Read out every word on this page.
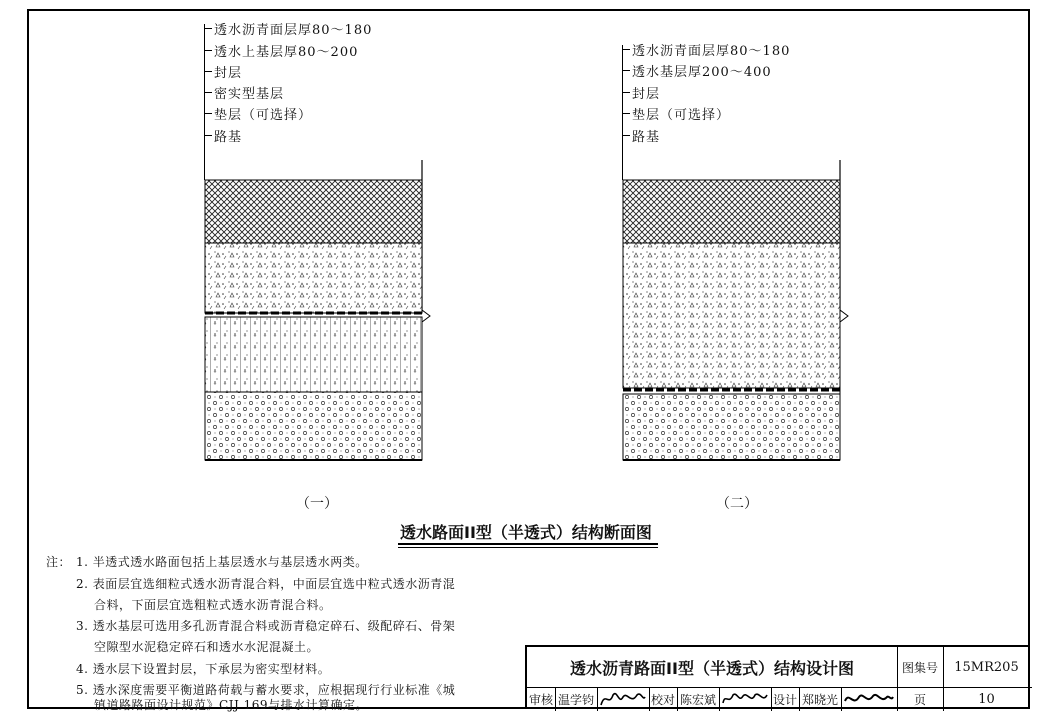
透水沥青面层厚80～180
透水上基层厚80～200
封层
密实型基层
垫层（可选择）
路基
（一）
透水沥青面层厚80～180
透水基层厚200～400
封层
垫层（可选择）
路基
（二）
透水路面II型（半透式）结构断面图
注： 1. 半透式透水路面包括上基层透水与基层透水两类。
2. 表面层宜选细粒式透水沥青混合料，中面层宜选中粒式透水沥青混
合料，下面层宜选粗粒式透水沥青混合料。
3. 透水基层可选用多孔沥青混合料或沥青稳定碎石、级配碎石、骨架
空隙型水泥稳定碎石和透水水泥混凝土。
4. 透水层下设置封层，下承层为密实型材料。
5. 透水深度需要平衡道路荷载与蓄水要求，应根据现行行业标准《城
镇道路路面设计规范》CJJ 169与排水计算确定。
透水沥青路面II型（半透式）结构设计图	图集号	15MR205
审核 温学钧	校对 陈宏斌	设计 郑晓光	页	10
